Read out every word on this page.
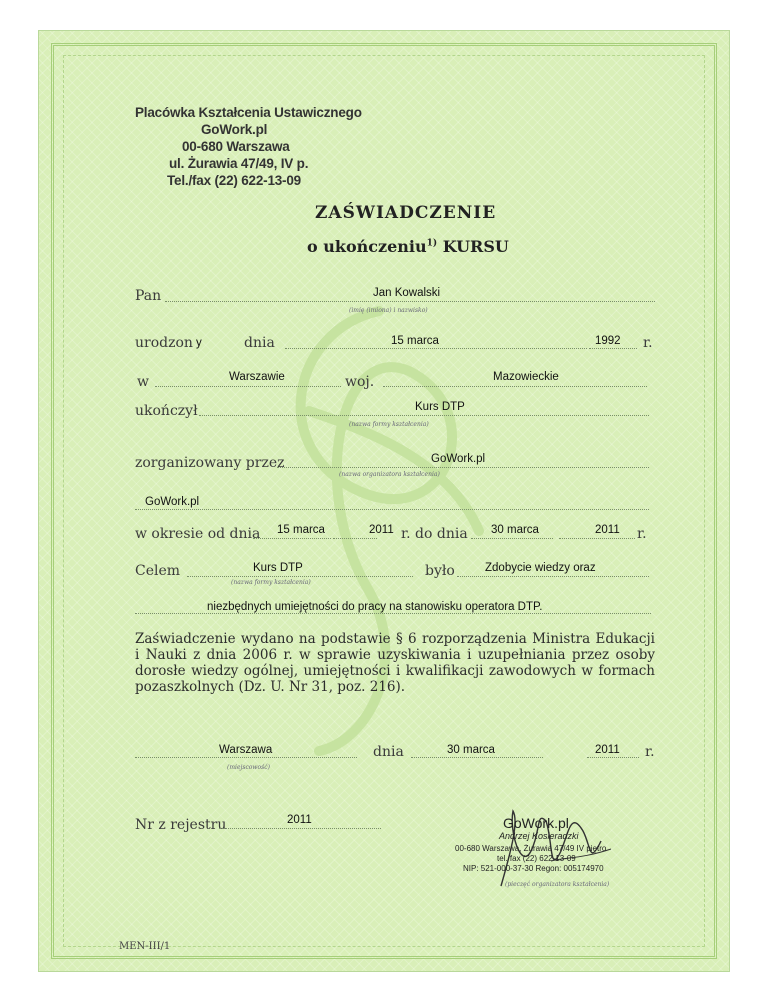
Placówka Kształcenia Ustawicznego
GoWork.pl
00-680 Warszawa
ul. Żurawia 47/49, IV p.
Tel./fax (22) 622-13-09
ZAŚWIADCZENIE
o ukończeniu$^{1)}$ KURSU
Pan	Jan Kowalski
(imię (imiona) i nazwisko)
urodzon y	dnia	15 marca	1992 r.
w	Warszawie	woj.	Mazowieckie
ukończył	Kurs DTP
(nazwa formy kształcenia)
zorganizowany przez	GoWork.pl
(nazwa organizatora kształcenia)
GoWork.pl
w okresie od dnia 15 marca	2011 r. do dnia 30 marca	2011 r.
Celem	Kurs DTP
(nazwa formy kształcenia)
było	Zdobycie wiedzy oraz
niezbędnych umiejętności do pracy na stanowisku operatora DTP.
Zaświadczenie wydano na podstawie § 6 rozporządzenia Ministra Edukacji i Nauki z dnia 2006 r. w sprawie uzyskiwania i uzupełniania przez osoby dorosłe wiedzy ogólnej, umiejętności i kwalifikacji zawodowych w formach pozaszkolnych (Dz. U. Nr 31, poz. 216).
Warszawa
(miejscowość)
dnia	30 marca	2011 r.
Nr z rejestru	2011	GoWork.pl
Andrzej Kosieradzki
00-680 Warszawa, Żurawia 47/49 IV piętro
tel./fax (22) 622-13-09
NIP: 521-000-37-30 Regon: 005174970
(pieczęć organizatora kształcenia)
MEN-III/1
